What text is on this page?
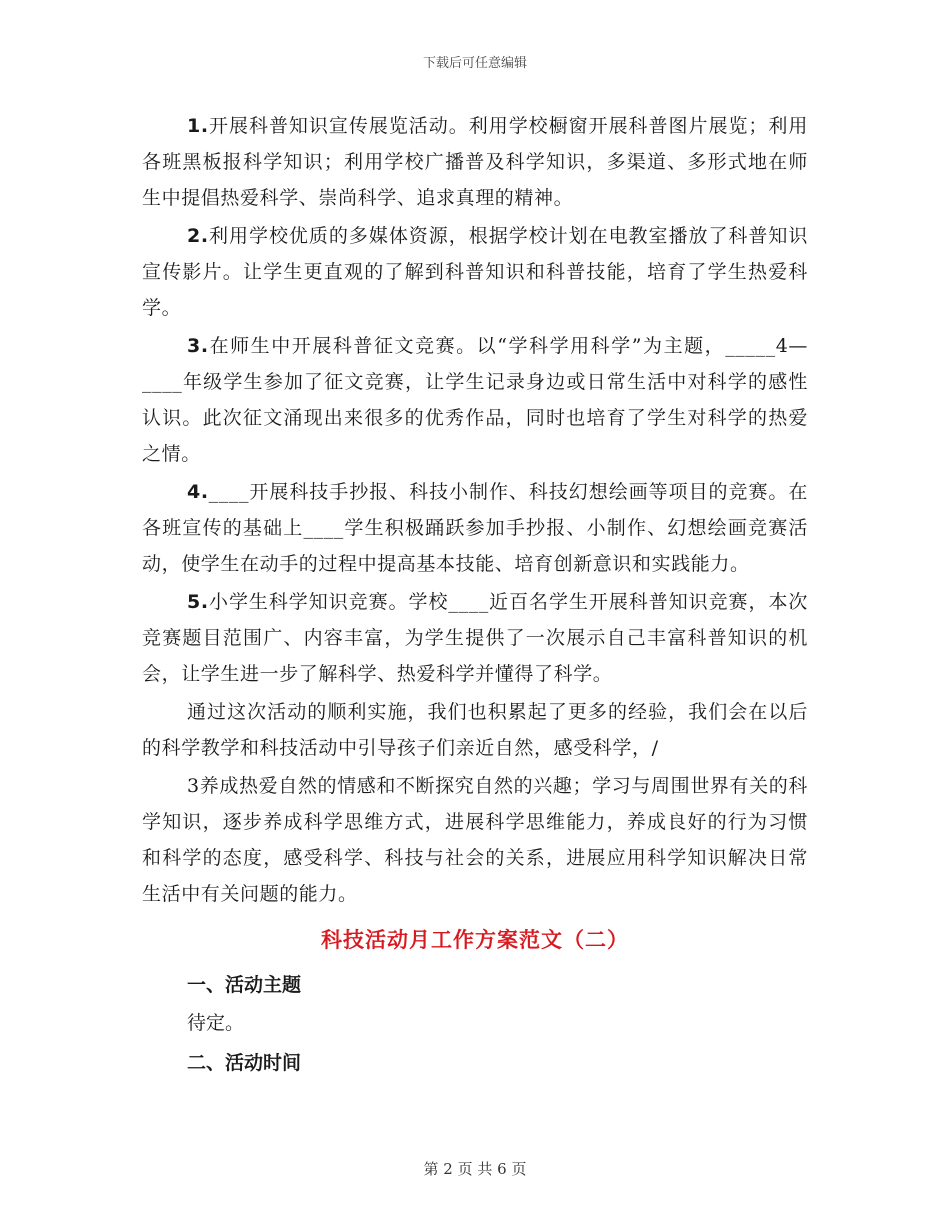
下载后可任意编辑

1.开展科普知识宣传展览活动。利用学校橱窗开展科普图片展览；利用各班黑板报科学知识；利用学校广播普及科学知识，多渠道、多形式地在师生中提倡热爱科学、崇尚科学、追求真理的精神。

2.利用学校优质的多媒体资源，根据学校计划在电教室播放了科普知识宣传影片。让学生更直观的了解到科普知识和科普技能，培育了学生热爱科学。

3.在师生中开展科普征文竞赛。以“学科学用科学”为主题，_____4—____年级学生参加了征文竞赛，让学生记录身边或日常生活中对科学的感性认识。此次征文涌现出来很多的优秀作品，同时也培育了学生对科学的热爱之情。

4.____开展科技手抄报、科技小制作、科技幻想绘画等项目的竞赛。在各班宣传的基础上____学生积极踊跃参加手抄报、小制作、幻想绘画竞赛活动，使学生在动手的过程中提高基本技能、培育创新意识和实践能力。

5.小学生科学知识竞赛。学校____近百名学生开展科普知识竞赛，本次竞赛题目范围广、内容丰富，为学生提供了一次展示自己丰富科普知识的机会，让学生进一步了解科学、热爱科学并懂得了科学。

通过这次活动的顺利实施，我们也积累起了更多的经验，我们会在以后的科学教学和科技活动中引导孩子们亲近自然，感受科学，/

3养成热爱自然的情感和不断探究自然的兴趣；学习与周围世界有关的科学知识，逐步养成科学思维方式，进展科学思维能力，养成良好的行为习惯和科学的态度，感受科学、科技与社会的关系，进展应用科学知识解决日常生活中有关问题的能力。

科技活动月工作方案范文（二）

一、活动主题

待定。

二、活动时间

第 2 页 共 6 页
